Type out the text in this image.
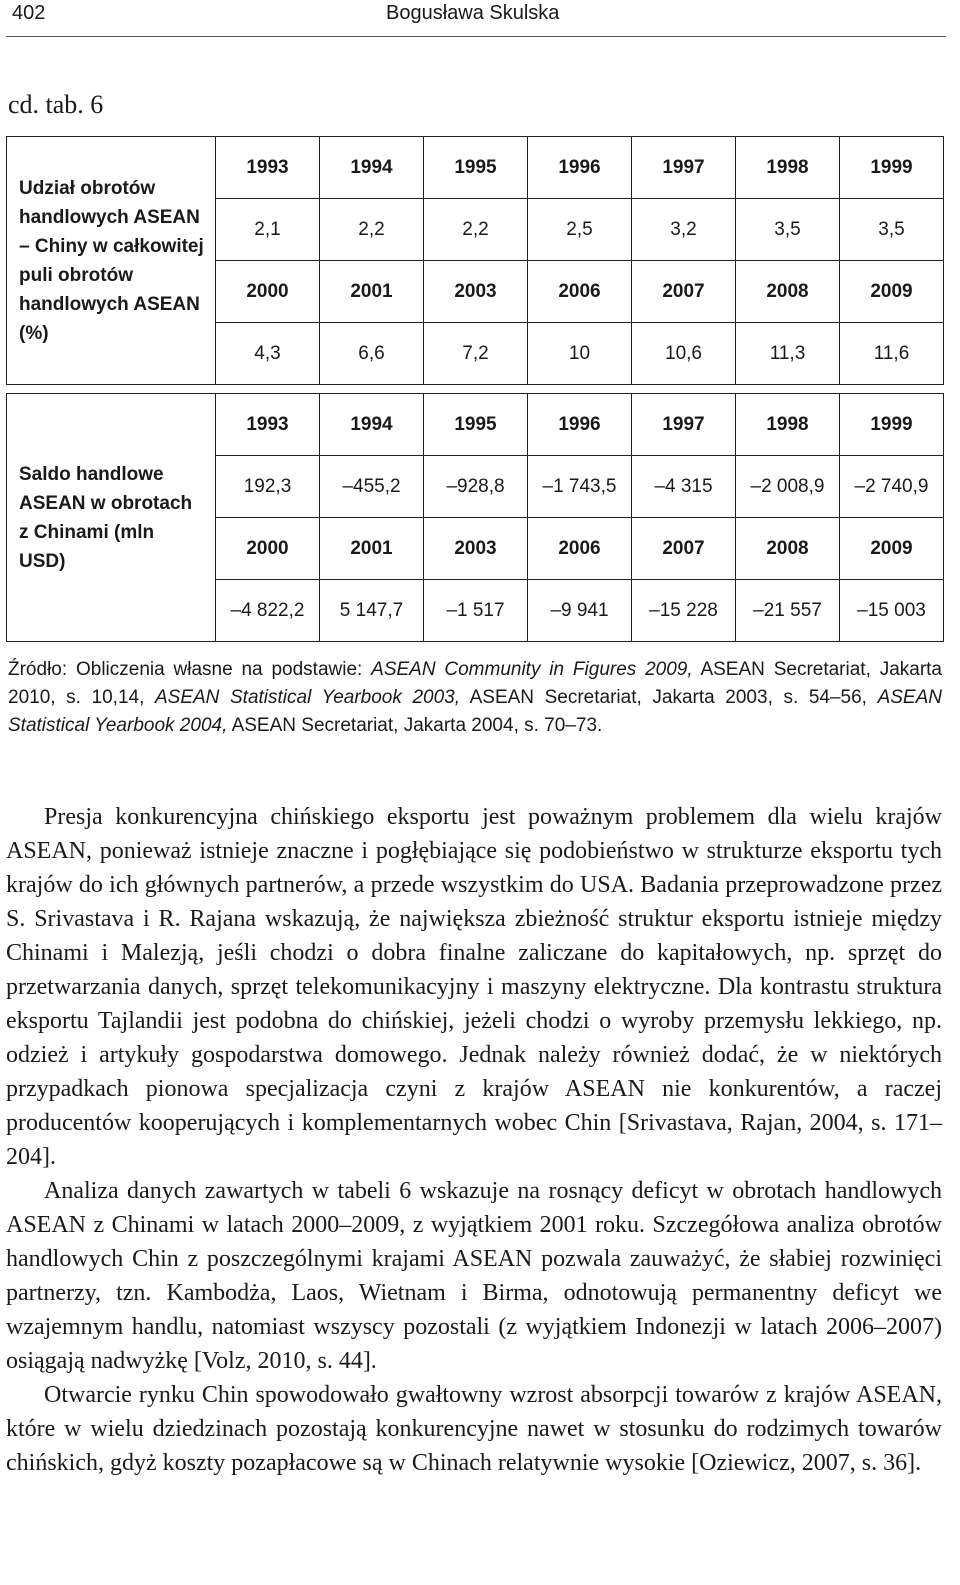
402	Bogusława Skulska
cd. tab. 6
Udział obrotów handlowych ASEAN – Chiny w całkowitej puli obrotów handlowych ASEAN (%)	1993	1994	1995	1996	1997	1998	1999
	2,1	2,2	2,2	2,5	3,2	3,5	3,5
	2000	2001	2003	2006	2007	2008	2009
	4,3	6,6	7,2	10	10,6	11,3	11,6

Saldo handlowe ASEAN w obrotach z Chinami (mln USD)	1993	1994	1995	1996	1997	1998	1999
	192,3	–455,2	–928,8	–1 743,5	–4 315	–2 008,9	–2 740,9
	2000	2001	2003	2006	2007	2008	2009
	–4 822,2	5 147,7	–1 517	–9 941	–15 228	–21 557	–15 003
Źródło: Obliczenia własne na podstawie: ASEAN Community in Figures 2009, ASEAN Secretariat, Jakarta 2010, s. 10,14, ASEAN Statistical Yearbook 2003, ASEAN Secretariat, Jakarta 2003, s. 54–56, ASEAN Statistical Yearbook 2004, ASEAN Secretariat, Jakarta 2004, s. 70–73.

Presja konkurencyjna chińskiego eksportu jest poważnym problemem dla wielu krajów ASEAN, ponieważ istnieje znaczne i pogłębiające się podobieństwo w strukturze eksportu tych krajów do ich głównych partnerów, a przede wszystkim do USA. Badania przeprowadzone przez S. Srivastava i R. Rajana wskazują, że największa zbieżność struktur eksportu istnieje między Chinami i Malezją, jeśli chodzi o dobra finalne zaliczane do kapitałowych, np. sprzęt do przetwarzania danych, sprzęt telekomunikacyjny i maszyny elektryczne. Dla kontrastu struktura eksportu Tajlandii jest podobna do chińskiej, jeżeli chodzi o wyroby przemysłu lekkiego, np. odzież i artykuły gospodarstwa domowego. Jednak należy również dodać, że w niektórych przypadkach pionowa specjalizacja czyni z krajów ASEAN nie konkurentów, a raczej producentów kooperujących i komplementarnych wobec Chin [Srivastava, Rajan, 2004, s. 171–204].

Analiza danych zawartych w tabeli 6 wskazuje na rosnący deficyt w obrotach handlowych ASEAN z Chinami w latach 2000–2009, z wyjątkiem 2001 roku. Szczegółowa analiza obrotów handlowych Chin z poszczególnymi krajami ASEAN pozwala zauważyć, że słabiej rozwinięci partnerzy, tzn. Kambodża, Laos, Wietnam i Birma, odnotowują permanentny deficyt we wzajemnym handlu, natomiast wszyscy pozostali (z wyjątkiem Indonezji w latach 2006–2007) osiągają nadwyżkę [Volz, 2010, s. 44].

Otwarcie rynku Chin spowodowało gwałtowny wzrost absorpcji towarów z krajów ASEAN, które w wielu dziedzinach pozostają konkurencyjne nawet w stosunku do rodzimych towarów chińskich, gdyż koszty pozapłacowe są w Chinach relatywnie wysokie [Oziewicz, 2007, s. 36].
